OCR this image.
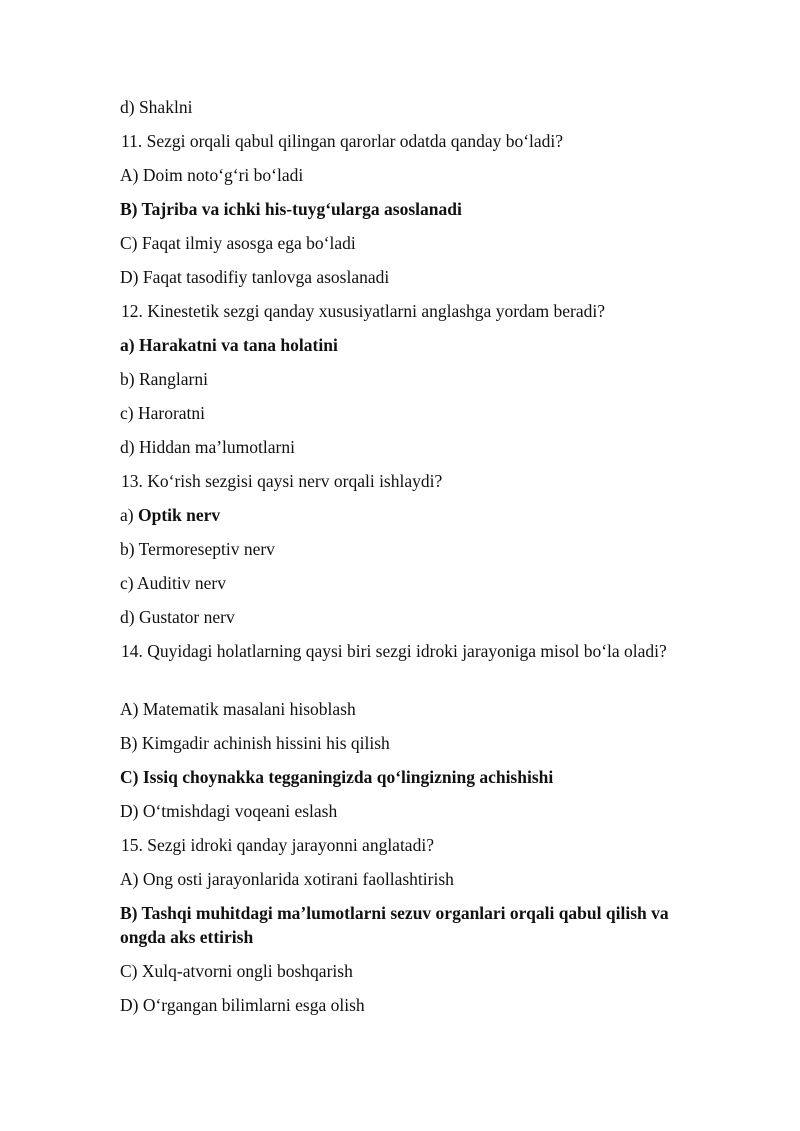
d) Shaklni
11. Sezgi orqali qabul qilingan qarorlar odatda qanday bo‘ladi?
A) Doim noto‘g‘ri bo‘ladi
B) Tajriba va ichki his-tuyg‘ularga asoslanadi
C) Faqat ilmiy asosga ega bo‘ladi
D) Faqat tasodifiy tanlovga asoslanadi
12. Kinestetik sezgi qanday xususiyatlarni anglashga yordam beradi?
a) Harakatni va tana holatini
b) Ranglarni
c) Haroratni
d) Hiddan ma’lumotlarni
13. Ko‘rish sezgisi qaysi nerv orqali ishlaydi?
a) Optik nerv
b) Termoreseptiv nerv
c) Auditiv nerv
d) Gustator nerv
14. Quyidagi holatlarning qaysi biri sezgi idroki jarayoniga misol bo‘la oladi?
A) Matematik masalani hisoblash
B) Kimgadir achinish hissini his qilish
C) Issiq choynakka tegganingizda qo‘lingizning achishishi
D) O‘tmishdagi voqeani eslash
15. Sezgi idroki qanday jarayonni anglatadi?
A) Ong osti jarayonlarida xotirani faollashtirish
B) Tashqi muhitdagi ma’lumotlarni sezuv organlari orqali qabul qilish va ongda aks ettirish
C) Xulq-atvorni ongli boshqarish
D) O‘rgangan bilimlarni esga olish
